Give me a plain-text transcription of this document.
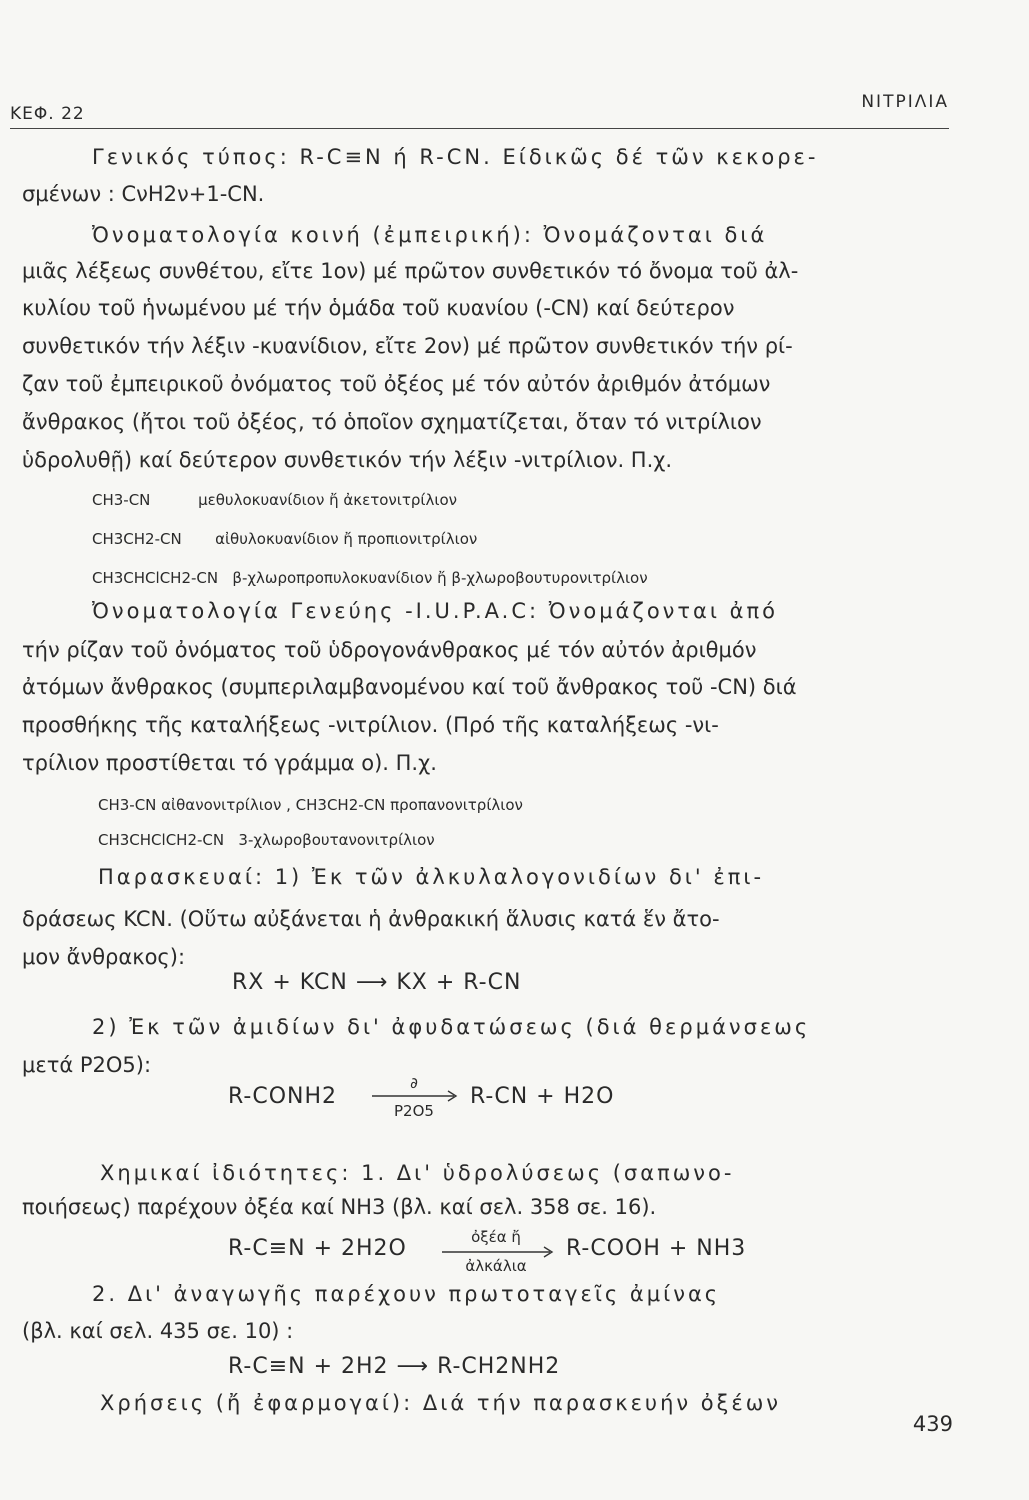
ΚΕΦ. 22
ΝΙΤΡΙΛΙΑ
Γενικός τύπος: R-C≡N ή R-CN. Είδικῶς δέ τῶν κεκορε-
σμένων : CνH2ν+1-CN.
Ὀνοματολογία κοινή (ἐμπειρική): Ὀνομάζονται διά
μιᾶς λέξεως συνθέτου, εἴτε 1ον) μέ πρῶτον συνθετικόν τό ὄνομα τοῦ ἀλ-
κυλίου τοῦ ἡνωμένου μέ τήν ὁμάδα τοῦ κυανίου (-CN) καί δεύτερον
συνθετικόν τήν λέξιν -κυανίδιον, εἴτε 2ον) μέ πρῶτον συνθετικόν τήν ρί-
ζαν τοῦ ἐμπειρικοῦ ὀνόματος τοῦ ὀξέος μέ τόν αὐτόν ἀριθμόν ἀτόμων
ἄνθρακος (ἤτοι τοῦ ὀξέος, τό ὁποῖον σχηματίζεται, ὅταν τό νιτρίλιον
ὑδρολυθῇ) καί δεύτερον συνθετικόν τήν λέξιν -νιτρίλιον. Π.χ.
CH3-CN          μεθυλοκυανίδιον ἤ ἀκετονιτρίλιον
CH3CH2-CN       αἰθυλοκυανίδιον ἤ προπιονιτρίλιον
CH3CHClCH2-CN   β-χλωροπροπυλοκυανίδιον ἤ β-χλωροβουτυρονιτρίλιον
Ὀνοματολογία Γενεύης -I.U.P.A.C: Ὀνομάζονται ἀπό
τήν ρίζαν τοῦ ὀνόματος τοῦ ὑδρογονάνθρακος μέ τόν αὐτόν ἀριθμόν
ἀτόμων ἄνθρακος (συμπεριλαμβανομένου καί τοῦ ἄνθρακος τοῦ -CN) διά
προσθήκης τῆς καταλήξεως -νιτρίλιον. (Πρό τῆς καταλήξεως -νι-
τρίλιον προστίθεται τό γράμμα ο). Π.χ.
CH3-CN αἰθανονιτρίλιον , CH3CH2-CN προπανονιτρίλιον
CH3CHClCH2-CN   3-χλωροβουτανονιτρίλιον
Παρασκευαί: 1) Ἐκ τῶν ἀλκυλαλογονιδίων δι' ἐπι-
δράσεως KCN. (Οὕτω αὐξάνεται ἡ ἀνθρακική ἅλυσις κατά ἕν ἄτο-
μον ἄνθρακος):
RX + KCN ⟶ KX + R-CN
2) Ἐκ τῶν ἀμιδίων δι' ἀφυδατώσεως (διά θερμάνσεως
μετά P2O5):
R-CONH2
∂
P2O5
R-CN + H2O
Χημικαί ἰδιότητες: 1. Δι' ὑδρολύσεως (σαπωνο-
ποιήσεως) παρέχουν ὀξέα καί NH3 (βλ. καί σελ. 358 σε. 16).
R-C≡N + 2H2O	ὀξέα ἤ
ἀλκάλια
R-COOH + NH3
2. Δι' ἀναγωγῆς παρέχουν πρωτοταγεῖς ἀμίνας
(βλ. καί σελ. 435 σε. 10) :
R-C≡N + 2H2 ⟶ R-CH2NH2
Χρήσεις (ἤ ἐφαρμογαί): Διά τήν παρασκευήν ὀξέων
439
